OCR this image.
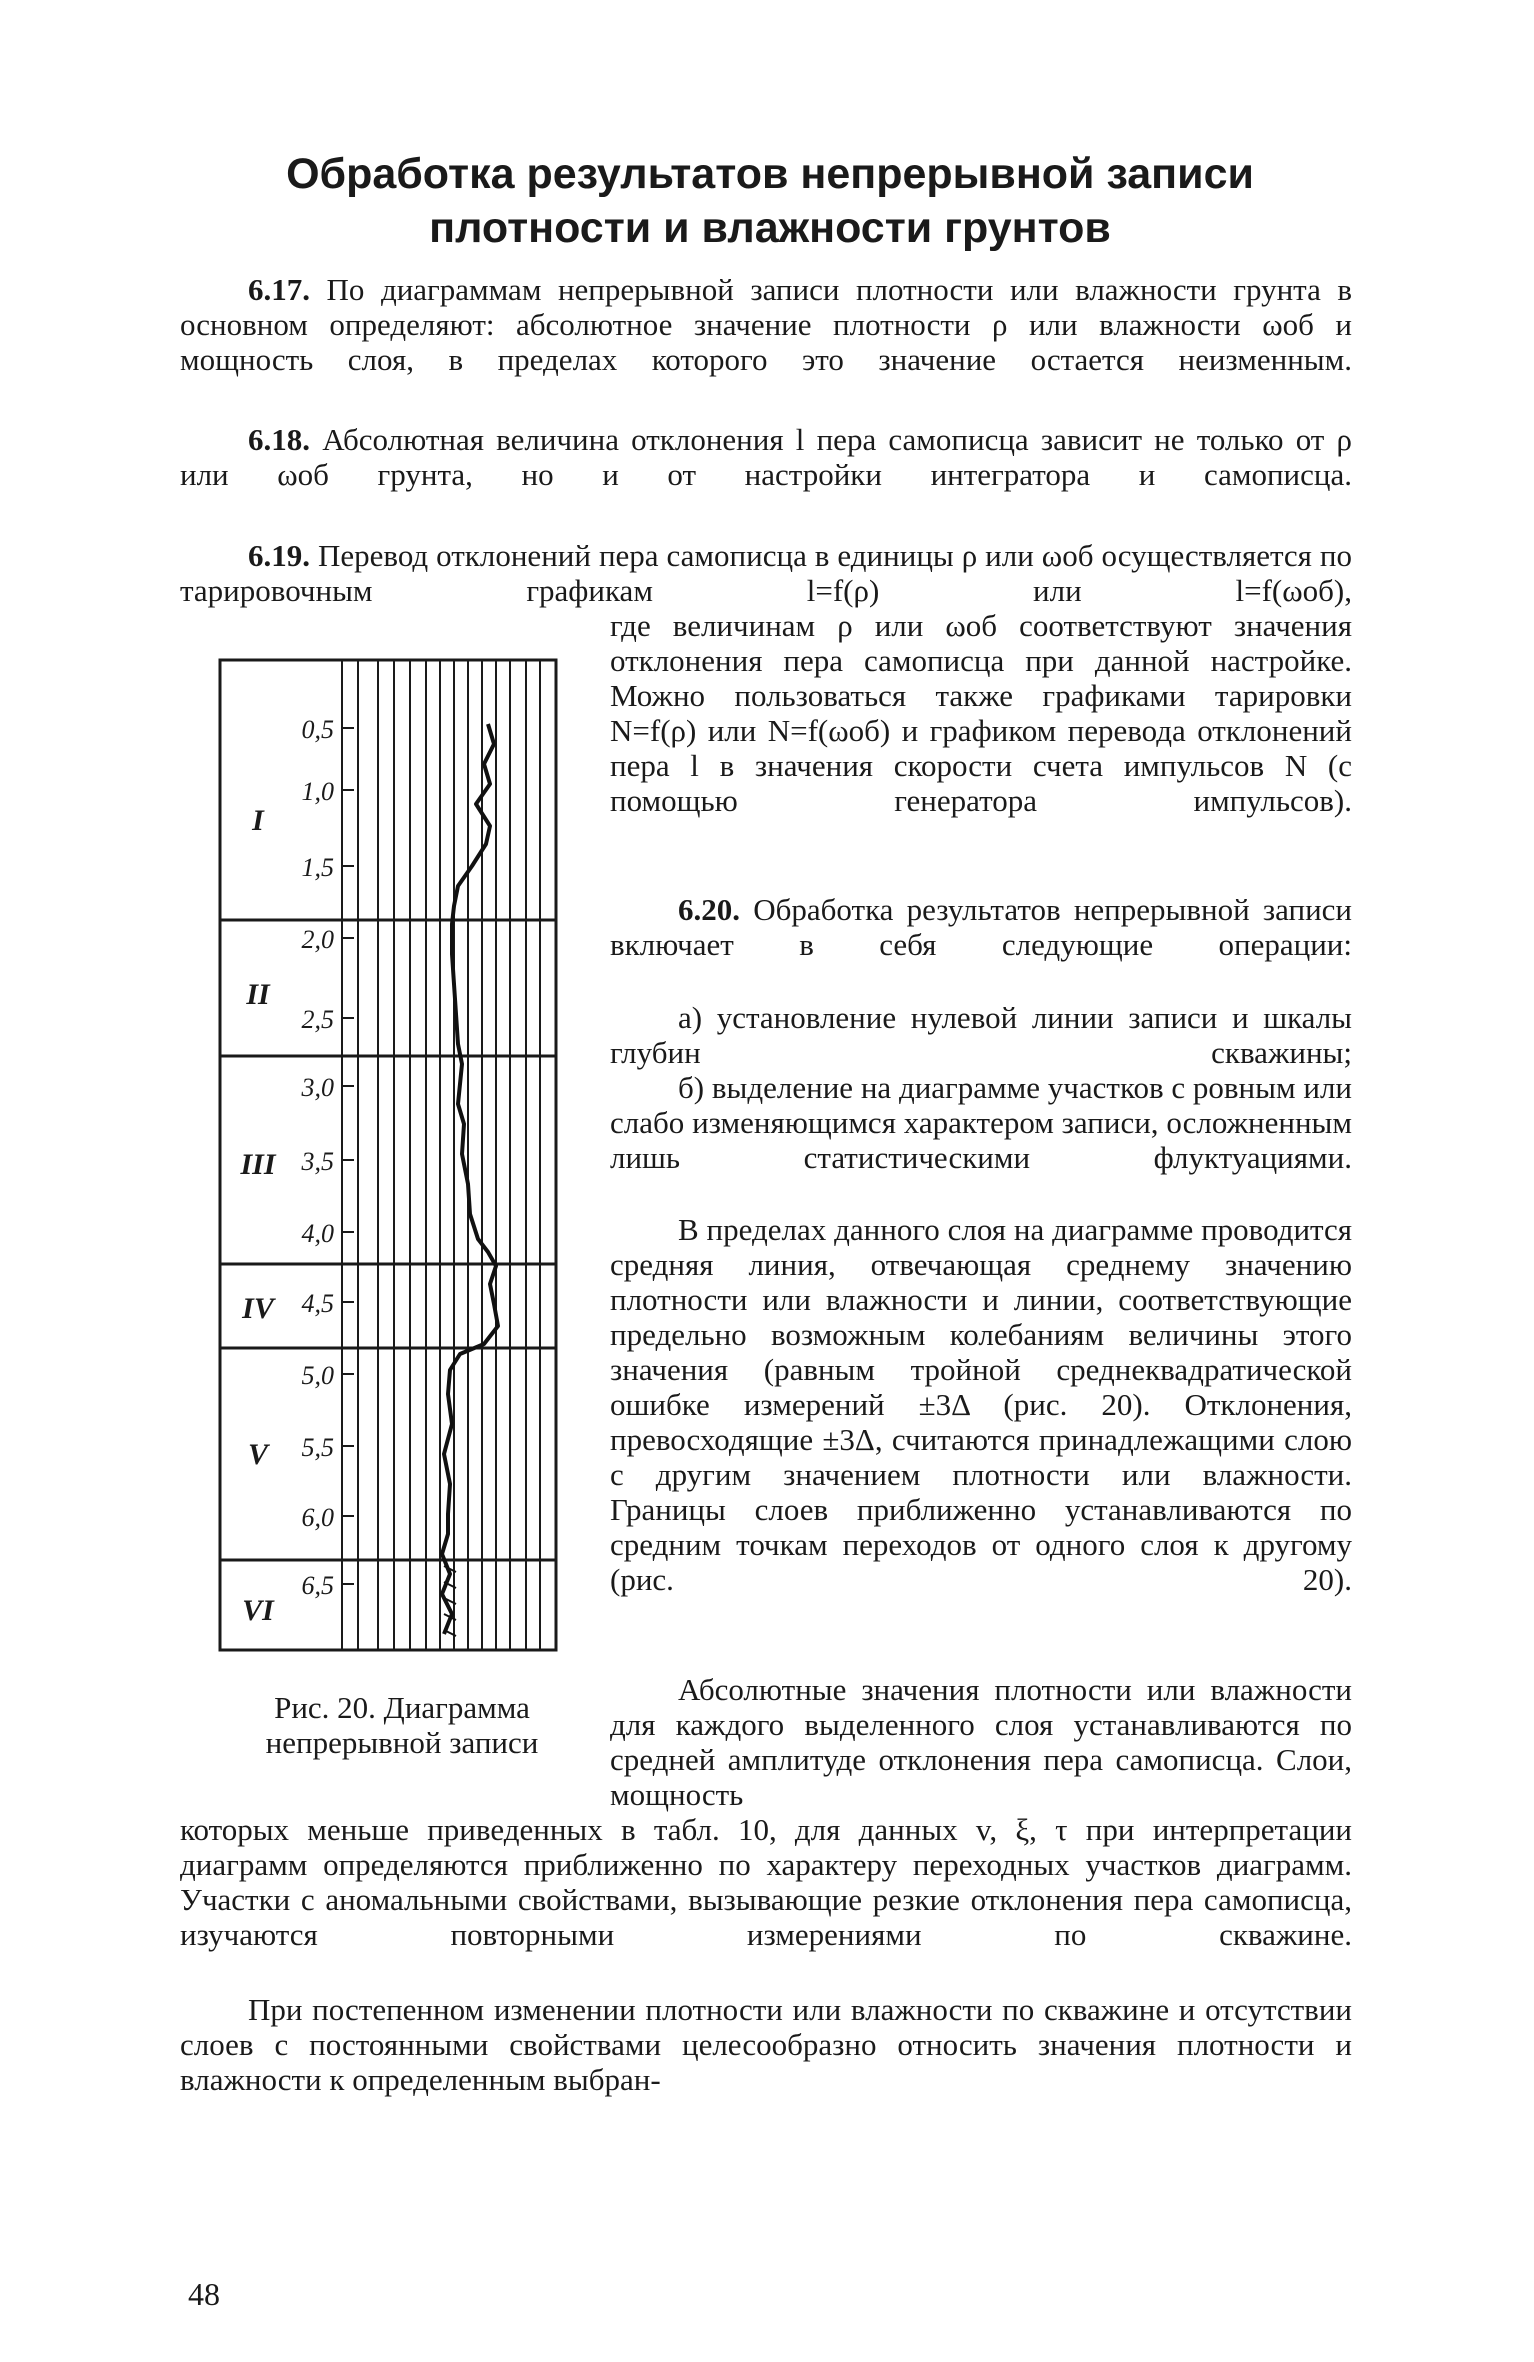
Обработка результатов непрерывной записи
плотности и влажности грунтов

6.17. По диаграммам непрерывной записи плотности или влажности грунта в основном определяют: абсолютное значение плотности ρ или влажности ωоб и мощность слоя, в пределах которого это значение остается неизменным.

6.18. Абсолютная величина отклонения l пера самописца зависит не только от ρ или ωоб грунта, но и от настройки интегратора и самописца.

6.19. Перевод отклонений пера самописца в единицы ρ или ωоб осуществляется по тарировочным графикам l=f(ρ) или l=f(ωоб),

где величинам ρ или ωоб соответствуют значения отклонения пера самописца при данной настройке. Можно пользоваться также графиками тарировки N=f(ρ) или N=f(ωоб) и графиком перевода отклонений пера l в значения скорости счета импульсов N (с помощью генератора импульсов).

6.20. Обработка результатов непрерывной записи включает в себя следующие операции:

а) установление нулевой линии записи и шкалы глубин скважины;

б) выделение на диаграмме участков с ровным или слабо изменяющимся характером записи, осложненным лишь статистическими флуктуациями.

В пределах данного слоя на диаграмме проводится средняя линия, отвечающая среднему значению плотности или влажности и линии, соответствующие предельно возможным колебаниям величины этого значения (равным тройной среднеквадратической ошибке измерений ±3Δ (рис. 20). Отклонения, превосходящие ±3Δ, считаются принадлежащими слою с другим значением плотности или влажности. Границы слоев приближенно устанавливаются по средним точкам переходов от одного слоя к другому (рис. 20).

Абсолютные значения плотности или влажности для каждого выделенного слоя устанавливаются по средней амплитуде отклонения пера самописца. Слои, мощность

которых меньше приведенных в табл. 10, для данных v, ξ, τ при интерпретации диаграмм определяются приближенно по характеру переходных участков диаграмм. Участки с аномальными свойствами, вызывающие резкие отклонения пера самописца, изучаются повторными измерениями по скважине.

При постепенном изменении плотности или влажности по скважине и отсутствии слоев с постоянными свойствами целесообразно относить значения плотности и влажности к определенным выбран-

0,5
1,0
1,5
2,0
2,5
3,0
3,5
4,0
4,5
5,0
5,5
6,0
6,5
I
II
III
IV
V
VI
Рис. 20. Диаграмма
непрерывной записи
48
